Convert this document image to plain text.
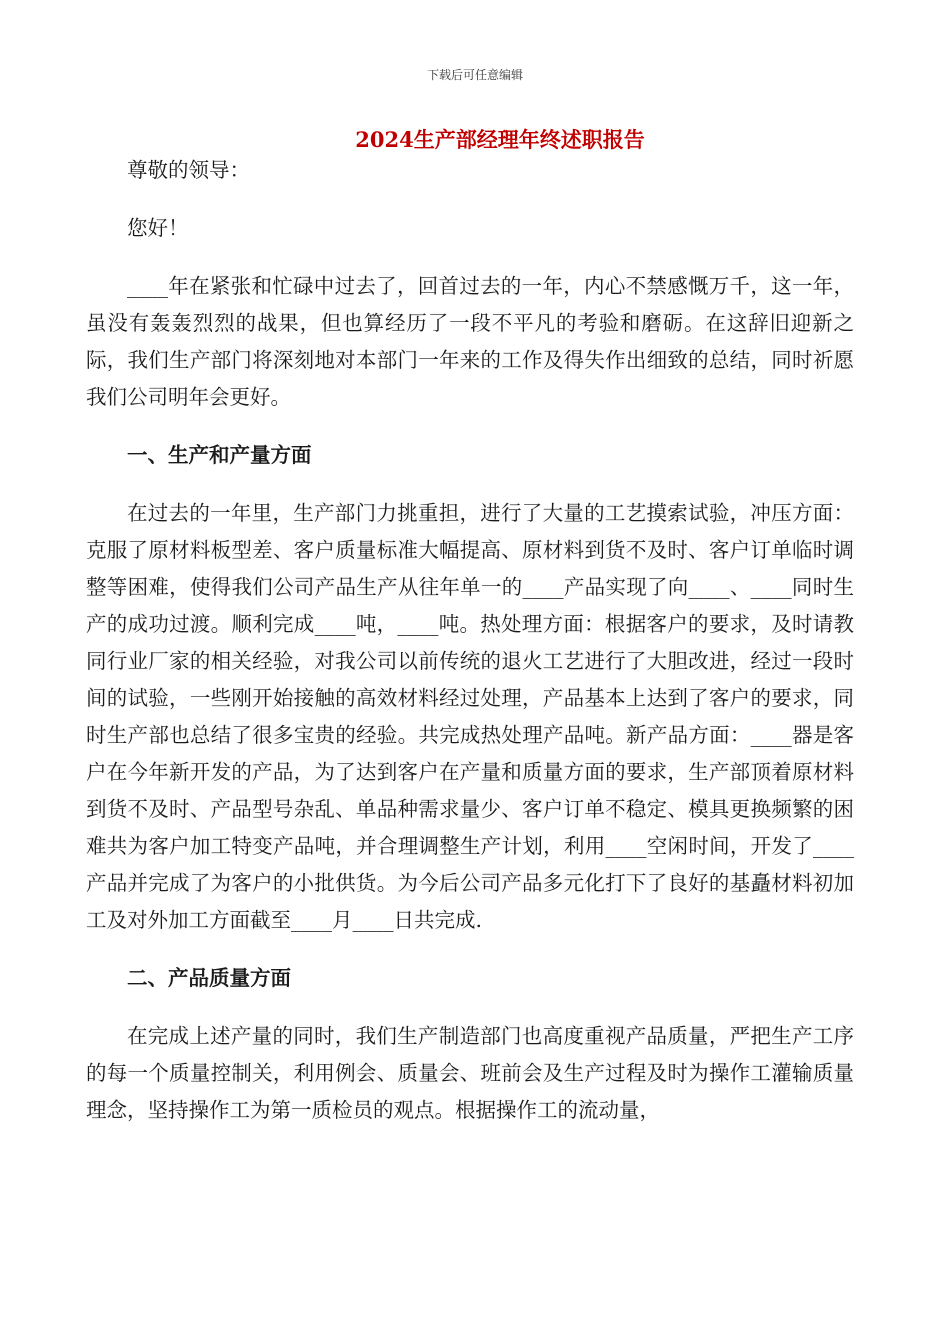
下载后可任意编辑
2024生产部经理年终述职报告

尊敬的领导：

您好！

____年在紧张和忙碌中过去了，回首过去的一年，内心不禁感慨万千，这一年，虽没有轰轰烈烈的战果，但也算经历了一段不平凡的考验和磨砺。在这辞旧迎新之际，我们生产部门将深刻地对本部门一年来的工作及得失作出细致的总结，同时祈愿我们公司明年会更好。

一、生产和产量方面

在过去的一年里，生产部门力挑重担，进行了大量的工艺摸索试验，冲压方面：克服了原材料板型差、客户质量标准大幅提高、原材料到货不及时、客户订单临时调整等困难，使得我们公司产品生产从往年单一的____产品实现了向____、____同时生产的成功过渡。顺利完成____吨，____吨。热处理方面：根据客户的要求，及时请教同行业厂家的相关经验，对我公司以前传统的退火工艺进行了大胆改进，经过一段时间的试验，一些刚开始接触的高效材料经过处理，产品基本上达到了客户的要求，同时生产部也总结了很多宝贵的经验。共完成热处理产品吨。新产品方面：____器是客户在今年新开发的产品，为了达到客户在产量和质量方面的要求，生产部顶着原材料到货不及时、产品型号杂乱、单品种需求量少、客户订单不稳定、模具更换频繁的困难共为客户加工特变产品吨，并合理调整生产计划，利用____空闲时间，开发了____产品并完成了为客户的小批供货。为今后公司产品多元化打下了良好的基矗材料初加工及对外加工方面截至____月____日共完成.

二、产品质量方面

在完成上述产量的同时，我们生产制造部门也高度重视产品质量，严把生产工序的每一个质量控制关，利用例会、质量会、班前会及生产过程及时为操作工灌输质量理念，坚持操作工为第一质检员的观点。根据操作工的流动量，
